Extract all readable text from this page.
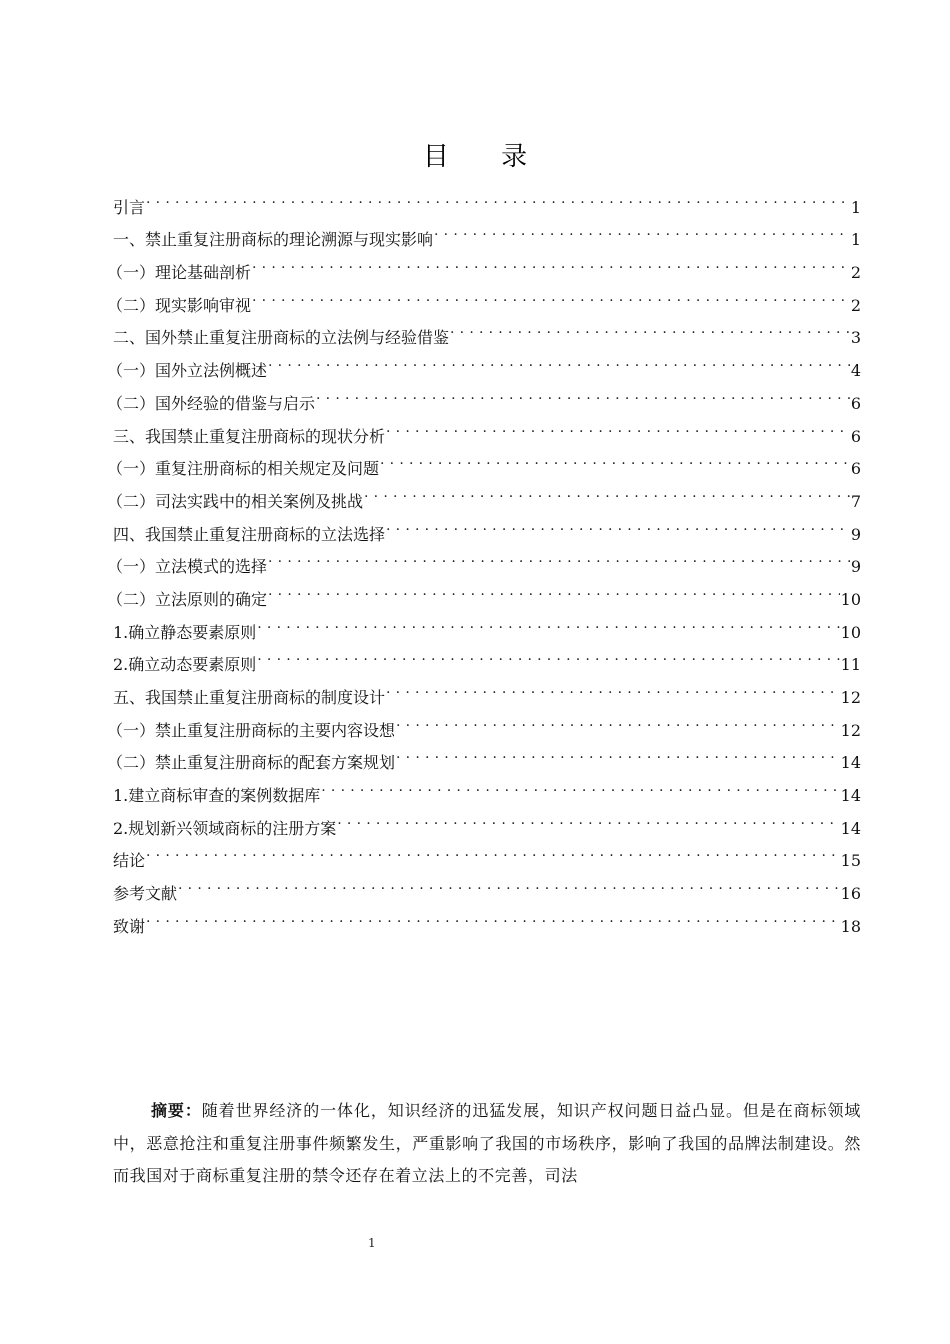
目 录
引言 .....	1
一、禁止重复注册商标的理论溯源与现实影响 .....	1
（一）理论基础剖析 .....	2
（二）现实影响审视 .....	2
二、国外禁止重复注册商标的立法例与经验借鉴 .....	3
（一）国外立法例概述 .....	4
（二）国外经验的借鉴与启示 .....	6
三、我国禁止重复注册商标的现状分析 .....	6
（一）重复注册商标的相关规定及问题 .....	6
（二）司法实践中的相关案例及挑战 .....	7
四、我国禁止重复注册商标的立法选择 .....	9
（一）立法模式的选择 .....	9
（二）立法原则的确定 .....	10
1.确立静态要素原则 .....	10
2.确立动态要素原则 .....	11
五、我国禁止重复注册商标的制度设计 .....	12
（一）禁止重复注册商标的主要内容设想 .....	12
（二）禁止重复注册商标的配套方案规划 .....	14
1.建立商标审查的案例数据库 .....	14
2.规划新兴领域商标的注册方案 .....	14
结论 .....	15
参考文献 .....	16
致谢 .....	18
摘要：随着世界经济的一体化，知识经济的迅猛发展，知识产权问题日益凸显。但是在商标领域中，恶意抢注和重复注册事件频繁发生，严重影响了我国的市场秩序，影响了我国的品牌法制建设。然而我国对于商标重复注册的禁令还存在着立法上的不完善，司法
1
